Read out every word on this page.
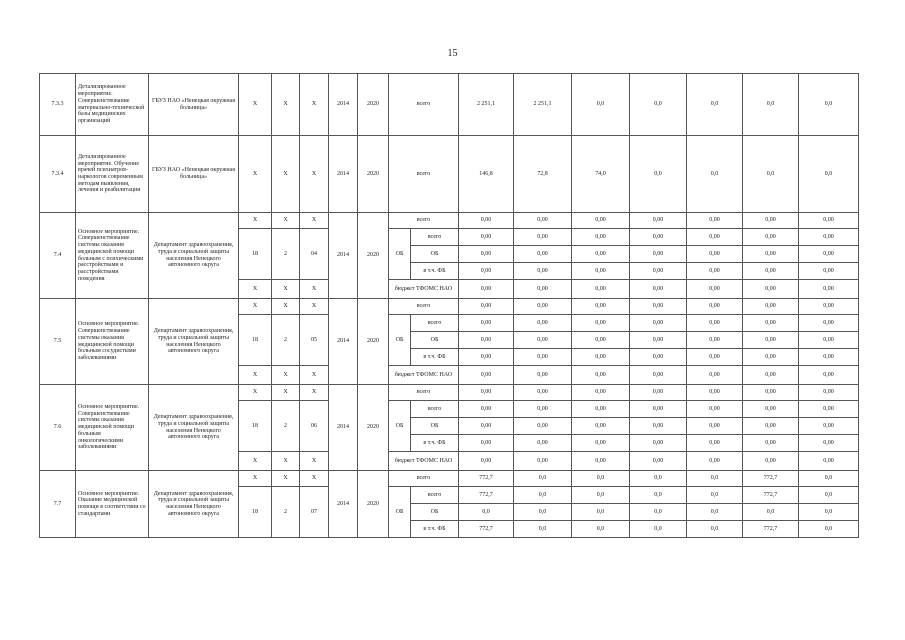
15
7.3.3	Детализированное мероприятие. Совершенствование материально-технической базы медицинских организаций	ГБУЗ НАО «Ненецкая окружная больница»	Х	Х	Х	2014	2020	всего		2 251,1	2 251,1	0,0	0,0	0,0	0,0	0,0
7.3.4	Детализированное мероприятие. Обучение врачей психиатров-наркологов современным методам выявления, лечения и реабилитации	ГБУЗ НАО «Ненецкая окружная больница»	Х	Х	Х	2014	2020	всего		146,8	72,8	74,0	0,0	0,0	0,0	0,0
7.4	Основное мероприятие. Совершенствование системы оказания медицинской помощи больным с психическими расстройствами и расстройствами поведения	Департамент здравоохранения, труда и социальной защиты населения Ненецкого автономного округа	Х	Х	Х	2014	2020	всего		0,00	0,00	0,00	0,00	0,00	0,00	0,00
			18	2	04			ОБ	всего	0,00	0,00	0,00	0,00	0,00	0,00	0,00
									ОБ	0,00	0,00	0,00	0,00	0,00	0,00	0,00
									в т.ч. ФБ	0,00	0,00	0,00	0,00	0,00	0,00	0,00
			Х	Х	Х			бюджет ТФОМС НАО		0,00	0,00	0,00	0,00	0,00	0,00	0,00
7.5	Основное мероприятие. Совершенствование системы оказания медицинской помощи больным сосудистыми заболеваниями	Департамент здравоохранения, труда и социальной защиты населения Ненецкого автономного округа	Х	Х	Х	2014	2020	всего		0,00	0,00	0,00	0,00	0,00	0,00	0,00
			18	2	05			ОБ	всего	0,00	0,00	0,00	0,00	0,00	0,00	0,00
									ОБ	0,00	0,00	0,00	0,00	0,00	0,00	0,00
									в т.ч. ФБ	0,00	0,00	0,00	0,00	0,00	0,00	0,00
			Х	Х	Х			бюджет ТФОМС НАО		0,00	0,00	0,00	0,00	0,00	0,00	0,00
7.6	Основное мероприятие. Совершенствование системы оказания медицинской помощи больным онкологическими заболеваниями	Департамент здравоохранения, труда и социальной защиты населения Ненецкого автономного округа	Х	Х	Х	2014	2020	всего		0,00	0,00	0,00	0,00	0,00	0,00	0,00
			18	2	06			ОБ	всего	0,00	0,00	0,00	0,00	0,00	0,00	0,00
									ОБ	0,00	0,00	0,00	0,00	0,00	0,00	0,00
									в т.ч. ФБ	0,00	0,00	0,00	0,00	0,00	0,00	0,00
			Х	Х	Х			бюджет ТФОМС НАО		0,00	0,00	0,00	0,00	0,00	0,00	0,00
7.7	Основное мероприятие. Оказание медицинской помощи в соответствии со стандартами	Департамент здравоохранения, труда и социальной защиты населения Ненецкого автономного округа	Х	Х	Х	2014	2020	всего		772,7	0,0	0,0	0,0	0,0	772,7	0,0
			18	2	07			ОБ	всего	772,7	0,0	0,0	0,0	0,0	772,7	0,0
									ОБ	0,0	0,0	0,0	0,0	0,0	0,0	0,0
									в т.ч. ФБ	772,7	0,0	0,0	0,0	0,0	772,7	0,0
